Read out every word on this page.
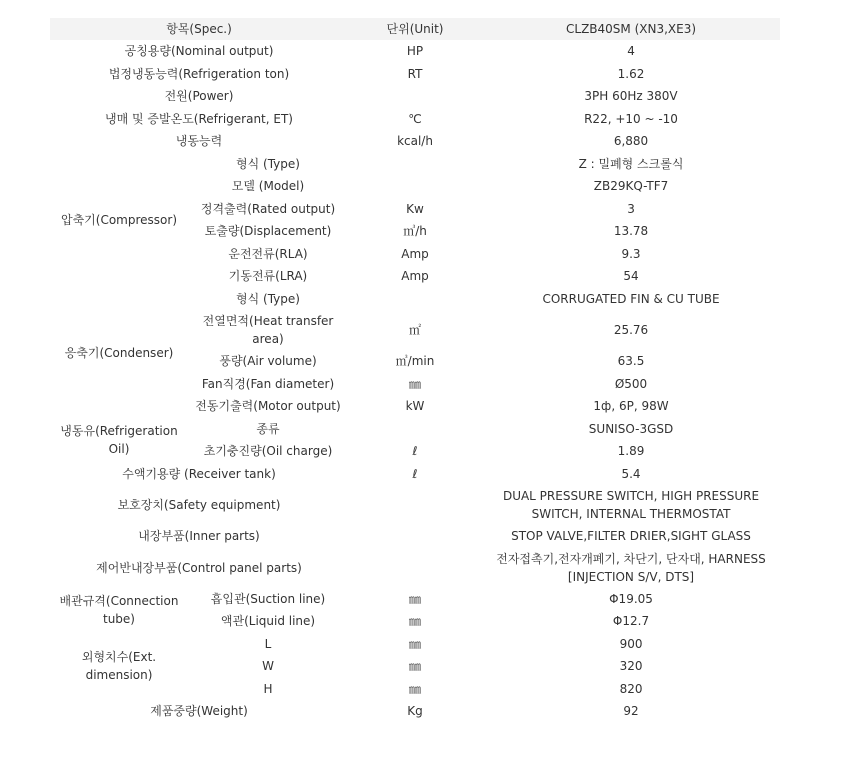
항목(Spec.)		단위(Unit)	CLZB40SM (XN3,XE3)
공칭용량(Nominal output)		HP	4
법정냉동능력(Refrigeration ton)		RT	1.62
전원(Power)			3PH 60Hz 380V
냉매 및 증발온도(Refrigerant, ET)		℃	R22, +10 ~ -10
냉동능력		kcal/h	6,880
압축기(Compressor)	형식 (Type)		Z : 밀폐형 스크롤식
	모델 (Model)		ZB29KQ-TF7
	정격출력(Rated output)	Kw	3
	토출량(Displacement)	㎥/h	13.78
	운전전류(RLA)	Amp	9.3
	기동전류(LRA)	Amp	54
응축기(Condenser)	형식 (Type)		CORRUGATED FIN & CU TUBE
	전열면적(Heat transfer area)	㎡	25.76
	풍량(Air volume)	㎥/min	63.5
	Fan직경(Fan diameter)	㎜	Ø500
	전동기출력(Motor output)	kW	1ф, 6P, 98W
냉동유(Refrigeration Oil)	종류		SUNISO-3GSD
	초기충진량(Oil charge)	ℓ	1.89
수액기용량 (Receiver tank)		ℓ	5.4
보호장치(Safety equipment)			DUAL PRESSURE SWITCH, HIGH PRESSURE SWITCH, INTERNAL THERMOSTAT
내장부품(Inner parts)			STOP VALVE,FILTER DRIER,SIGHT GLASS
제어반내장부품(Control panel parts)			전자접촉기,전자개폐기, 차단기, 단자대, HARNESS [INJECTION S/V, DTS]
배관규격(Connection tube)	흡입관(Suction line)	㎜	Φ19.05
	액관(Liquid line)	㎜	Φ12.7
외형치수(Ext. dimension)	L	㎜	900
	W	㎜	320
	H	㎜	820
제품중량(Weight)		Kg	92
